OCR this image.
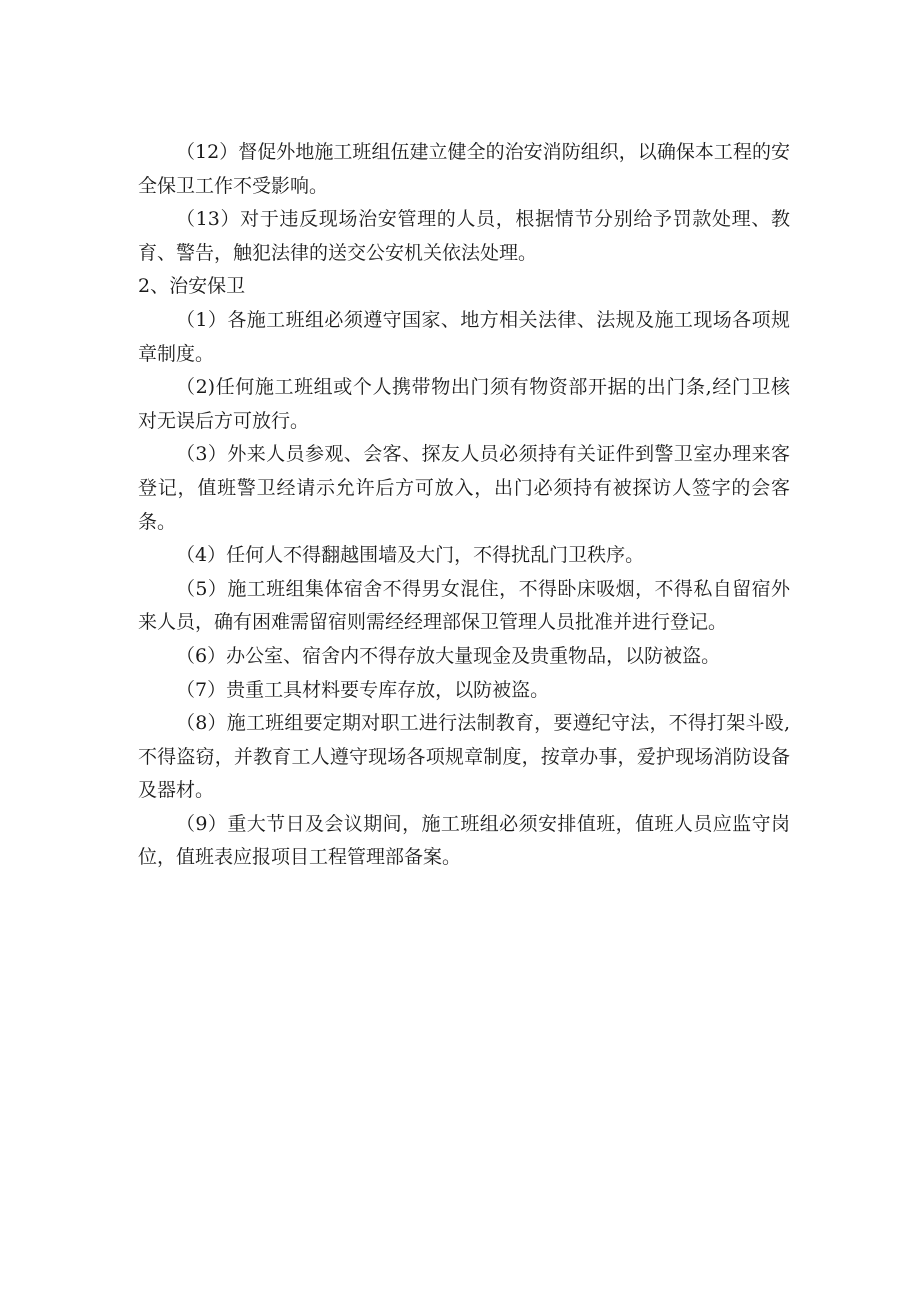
（12）督促外地施工班组伍建立健全的治安消防组织，以确保本工程的安全保卫工作不受影响。

（13）对于违反现场治安管理的人员，根据情节分别给予罚款处理、教育、警告，触犯法律的送交公安机关依法处理。

2、治安保卫

（1）各施工班组必须遵守国家、地方相关法律、法规及施工现场各项规章制度。

（2)任何施工班组或个人携带物出门须有物资部开据的出门条,经门卫核对无误后方可放行。

（3）外来人员参观、会客、探友人员必须持有关证件到警卫室办理来客登记，值班警卫经请示允许后方可放入，出门必须持有被探访人签字的会客条。

（4）任何人不得翻越围墙及大门，不得扰乱门卫秩序。

（5）施工班组集体宿舍不得男女混住，不得卧床吸烟，不得私自留宿外来人员，确有困难需留宿则需经经理部保卫管理人员批准并进行登记。

（6）办公室、宿舍内不得存放大量现金及贵重物品，以防被盗。

（7）贵重工具材料要专库存放，以防被盗。

（8）施工班组要定期对职工进行法制教育，要遵纪守法，不得打架斗殴,不得盗窃，并教育工人遵守现场各项规章制度，按章办事，爱护现场消防设备及器材。

（9）重大节日及会议期间，施工班组必须安排值班，值班人员应监守岗位，值班表应报项目工程管理部备案。
